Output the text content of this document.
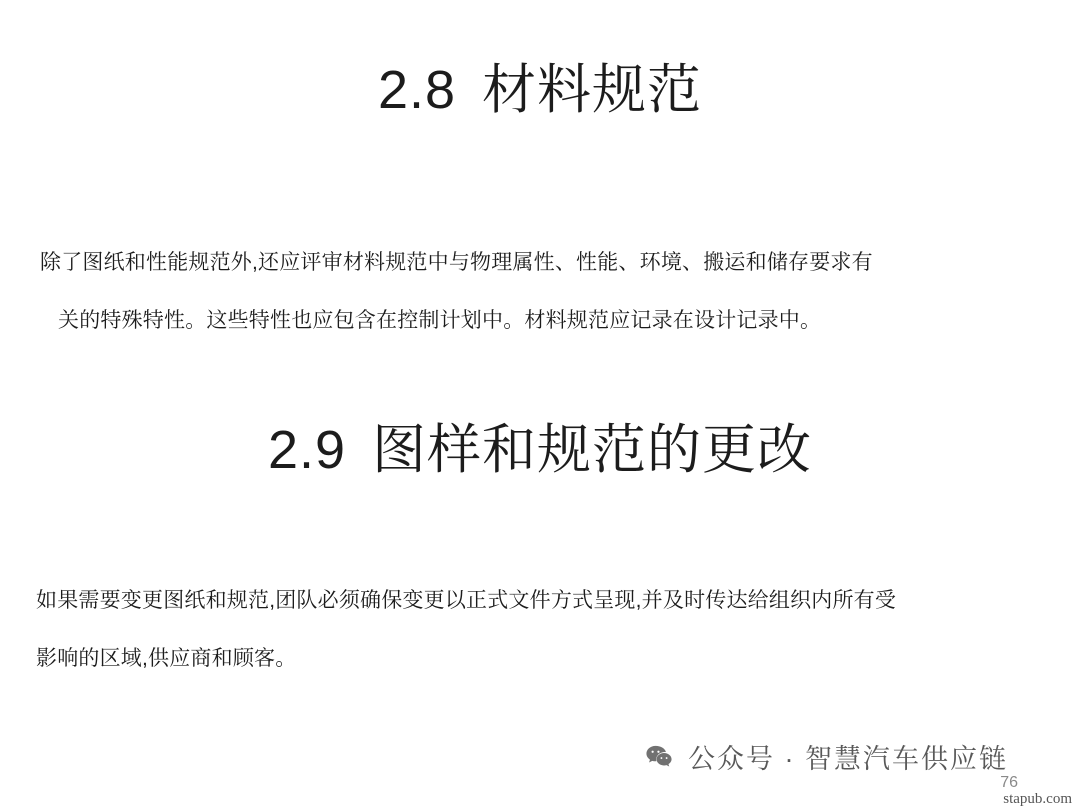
2.8 材料规范
除了图纸和性能规范外,还应评审材料规范中与物理属性、性能、环境、搬运和储存要求有
关的特殊特性。这些特性也应包含在控制计划中。材料规范应记录在设计记录中。
2.9 图样和规范的更改
如果需要变更图纸和规范,团队必须确保变更以正式文件方式呈现,并及时传达给组织内所有受
影响的区域,供应商和顾客。
公众号 · 智慧汽车供应链
76
stapub.com
